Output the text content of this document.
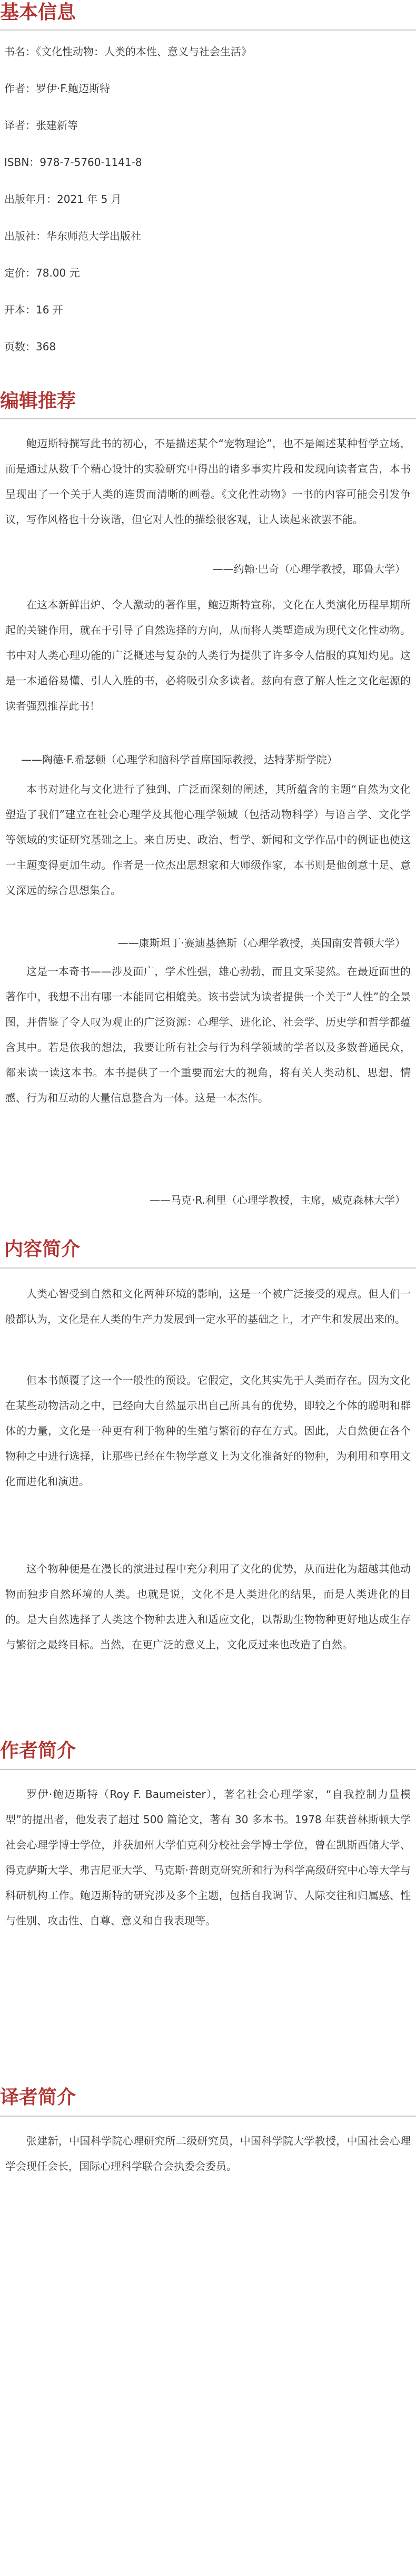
基本信息
书名：《文化性动物：人类的本性、意义与社会生活》
作者：罗伊·F.鲍迈斯特
译者：张建新等
ISBN：978-7-5760-1141-8
出版年月：2021 年 5 月
出版社：华东师范大学出版社
定价：78.00 元
开本：16 开
页数：368
编辑推荐

鲍迈斯特撰写此书的初心，不是描述某个“宠物理论”，也不是阐述某种哲学立场，而是通过从数千个精心设计的实验研究中得出的诸多事实片段和发现向读者宣告，本书呈现出了一个关于人类的连贯而清晰的画卷。《文化性动物》一书的内容可能会引发争议，写作风格也十分诙谐，但它对人性的描绘很客观，让人读起来欲罢不能。

——约翰·巴奇（心理学教授，耶鲁大学）

在这本新鲜出炉、令人激动的著作里，鲍迈斯特宣称，文化在人类演化历程早期所起的关键作用，就在于引导了自然选择的方向，从而将人类塑造成为现代文化性动物。书中对人类心理功能的广泛概述与复杂的人类行为提供了许多令人信服的真知灼见。这是一本通俗易懂、引人入胜的书，必将吸引众多读者。兹向有意了解人性之文化起源的读者强烈推荐此书！

——陶德·F.希瑟顿（心理学和脑科学首席国际教授，达特茅斯学院）

本书对进化与文化进行了独到、广泛而深刻的阐述，其所蕴含的主题“自然为文化塑造了我们”建立在社会心理学及其他心理学领域（包括动物科学）与语言学、文化学等领域的实证研究基础之上。来自历史、政治、哲学、新闻和文学作品中的例证也使这一主题变得更加生动。作者是一位杰出思想家和大师级作家，本书则是他创意十足、意义深远的综合思想集合。

——康斯坦丁·赛迪基德斯（心理学教授，英国南安普顿大学）

这是一本奇书——涉及面广，学术性强，雄心勃勃，而且文采斐然。在最近面世的著作中，我想不出有哪一本能同它相媲美。该书尝试为读者提供一个关于“人性”的全景图，并借鉴了令人叹为观止的广泛资源：心理学、进化论、社会学、历史学和哲学都蕴含其中。若是依我的想法，我要让所有社会与行为科学领域的学者以及多数普通民众，都来读一读这本书。本书提供了一个重要而宏大的视角，将有关人类动机、思想、情感、行为和互动的大量信息整合为一体。这是一本杰作。

——马克·R.利里（心理学教授，主席，威克森林大学）
内容简介

人类心智受到自然和文化两种环境的影响，这是一个被广泛接受的观点。但人们一般都认为，文化是在人类的生产力发展到一定水平的基础之上，才产生和发展出来的。

但本书颠覆了这一个一般性的预设。它假定，文化其实先于人类而存在。因为文化在某些动物活动之中，已经向大自然显示出自己所具有的优势，即较之个体的聪明和群体的力量，文化是一种更有利于物种的生殖与繁衍的存在方式。因此，大自然便在各个物种之中进行选择，让那些已经在生物学意义上为文化准备好的物种，为利用和享用文化而进化和演进。

这个物种便是在漫长的演进过程中充分利用了文化的优势，从而进化为超越其他动物而独步自然环境的人类。也就是说，文化不是人类进化的结果，而是人类进化的目的。是大自然选择了人类这个物种去进入和适应文化，以帮助生物物种更好地达成生存与繁衍之最终目标。当然，在更广泛的意义上，文化反过来也改造了自然。

作者简介

罗伊·鲍迈斯特（Roy F. Baumeister），著名社会心理学家，“自我控制力量模型”的提出者，他发表了超过 500 篇论文，著有 30 多本书。1978 年获普林斯顿大学社会心理学博士学位，并获加州大学伯克利分校社会学博士学位，曾在凯斯西储大学、得克萨斯大学、弗吉尼亚大学、马克斯·普朗克研究所和行为科学高级研究中心等大学与科研机构工作。鲍迈斯特的研究涉及多个主题，包括自我调节、人际交往和归属感、性与性别、攻击性、自尊、意义和自我表现等。

译者简介

张建新，中国科学院心理研究所二级研究员，中国科学院大学教授，中国社会心理学会现任会长，国际心理科学联合会执委会委员。
